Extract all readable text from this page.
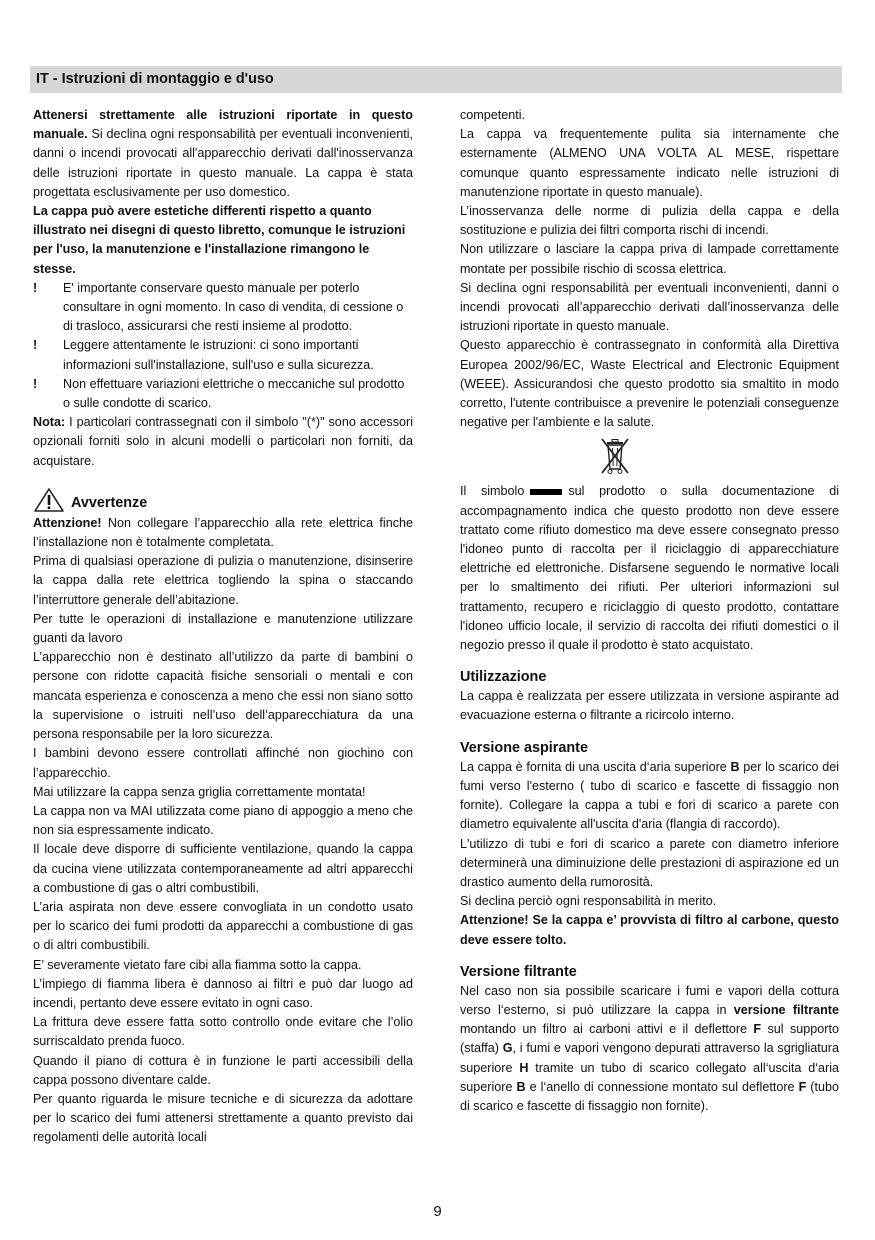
IT - Istruzioni di montaggio e d'uso

Attenersi strettamente alle istruzioni riportate in questo manuale. Si declina ogni responsabilità per eventuali inconvenienti, danni o incendi provocati all'apparecchio derivati dall'inosservanza delle istruzioni riportate in questo manuale. La cappa è stata progettata esclusivamente per uso domestico.

La cappa può avere estetiche differenti rispetto a quanto illustrato nei disegni di questo libretto, comunque le istruzioni per l'uso, la manutenzione e l'installazione rimangono le stesse.

!	E' importante conservare questo manuale per poterlo consultare in ogni momento. In caso di vendita, di cessione o di trasloco, assicurarsi che resti insieme al prodotto.
!	Leggere attentamente le istruzioni: ci sono importanti informazioni sull'installazione, sull'uso e sulla sicurezza.
!	Non effettuare variazioni elettriche o meccaniche sul prodotto o sulle condotte di scarico.

Nota: I particolari contrassegnati con il simbolo "(*)" sono accessori opzionali forniti solo in alcuni modelli o particolari non forniti, da acquistare.

Avvertenze

Attenzione! Non collegare l’apparecchio alla rete elettrica finche l’installazione non è totalmente completata.

Prima di qualsiasi operazione di pulizia o manutenzione, disinserire la cappa dalla rete elettrica togliendo la spina o staccando l’interruttore generale dell’abitazione.

Per tutte le operazioni di installazione e manutenzione utilizzare guanti da lavoro

L’apparecchio non è destinato all’utilizzo da parte di bambini o persone con ridotte capacità fisiche sensoriali o mentali e con mancata esperienza e conoscenza a meno che essi non siano sotto la supervisione o istruiti nell’uso dell’apparecchiatura da una persona responsabile per la loro sicurezza.

I bambini devono essere controllati affinché non giochino con l’apparecchio.

Mai utilizzare la cappa senza griglia correttamente montata!

La cappa non va MAI utilizzata come piano di appoggio a meno che non sia espressamente indicato.

Il locale deve disporre di sufficiente ventilazione, quando la cappa da cucina viene utilizzata contemporaneamente ad altri apparecchi a combustione di gas o altri combustibili.

L’aria aspirata non deve essere convogliata in un condotto usato per lo scarico dei fumi prodotti da apparecchi a combustione di gas o di altri combustibili.

E’ severamente vietato fare cibi alla fiamma sotto la cappa.

L’impiego di fiamma libera è dannoso ai filtri e può dar luogo ad incendi, pertanto deve essere evitato in ogni caso.

La frittura deve essere fatta sotto controllo onde evitare che l’olio surriscaldato prenda fuoco.

Quando il piano di cottura è in funzione le parti accessibili della cappa possono diventare calde.

Per quanto riguarda le misure tecniche e di sicurezza da adottare per lo scarico dei fumi attenersi strettamente a quanto previsto dai regolamenti delle autorità locali

competenti.

La cappa va frequentemente pulita sia internamente che esternamente (ALMENO UNA VOLTA AL MESE, rispettare comunque quanto espressamente indicato nelle istruzioni di manutenzione riportate in questo manuale).

L’inosservanza delle norme di pulizia della cappa e della sostituzione e pulizia dei filtri comporta rischi di incendi.

Non utilizzare o lasciare la cappa priva di lampade correttamente montate per possibile rischio di scossa elettrica.

Si declina ogni responsabilità per eventuali inconvenienti, danni o incendi provocati all’apparecchio derivati dall’inosservanza delle istruzioni riportate in questo manuale.

Questo apparecchio è contrassegnato in conformità alla Direttiva Europea 2002/96/EC, Waste Electrical and Electronic Equipment (WEEE). Assicurandosi che questo prodotto sia smaltito in modo corretto, l'utente contribuisce a prevenire le potenziali conseguenze negative per l'ambiente e la salute.

Il simbolo	sul prodotto o sulla documentazione di accompagnamento indica che questo prodotto non deve essere trattato come rifiuto domestico ma deve essere consegnato presso l'idoneo punto di raccolta per il riciclaggio di apparecchiature elettriche ed elettroniche. Disfarsene seguendo le normative locali per lo smaltimento dei rifiuti. Per ulteriori informazioni sul trattamento, recupero e riciclaggio di questo prodotto, contattare l'idoneo ufficio locale, il servizio di raccolta dei rifiuti domestici o il negozio presso il quale il prodotto è stato acquistato.

Utilizzazione

La cappa è realizzata per essere utilizzata in versione aspirante ad evacuazione esterna o filtrante a ricircolo interno.

Versione aspirante

La cappa è fornita di una uscita d‘aria superiore B per lo scarico dei fumi verso l'esterno ( tubo di scarico e fascette di fissaggio non fornite). Collegare la cappa a tubi e fori di scarico a parete con diametro equivalente all'uscita d'aria (flangia di raccordo).

L'utilizzo di tubi e fori di scarico a parete con diametro inferiore determinerà una diminuizione delle prestazioni di aspirazione ed un drastico aumento della rumorosità.

Si declina perciò ogni responsabilità in merito.

Attenzione! Se la cappa e’ provvista di filtro al carbone, questo deve essere tolto.

Versione filtrante

Nel caso non sia possibile scaricare i fumi e vapori della cottura verso l‘esterno, si può utilizzare la cappa in versione filtrante montando un filtro ai carboni attivi e il deflettore F sul supporto (staffa) G, i fumi e vapori vengono depurati attraverso la sgrigliatura superiore H tramite un tubo di scarico collegato all‘uscita d‘aria superiore B e l‘anello di connessione montato sul deflettore F (tubo di scarico e fascette di fissaggio non fornite).

9
